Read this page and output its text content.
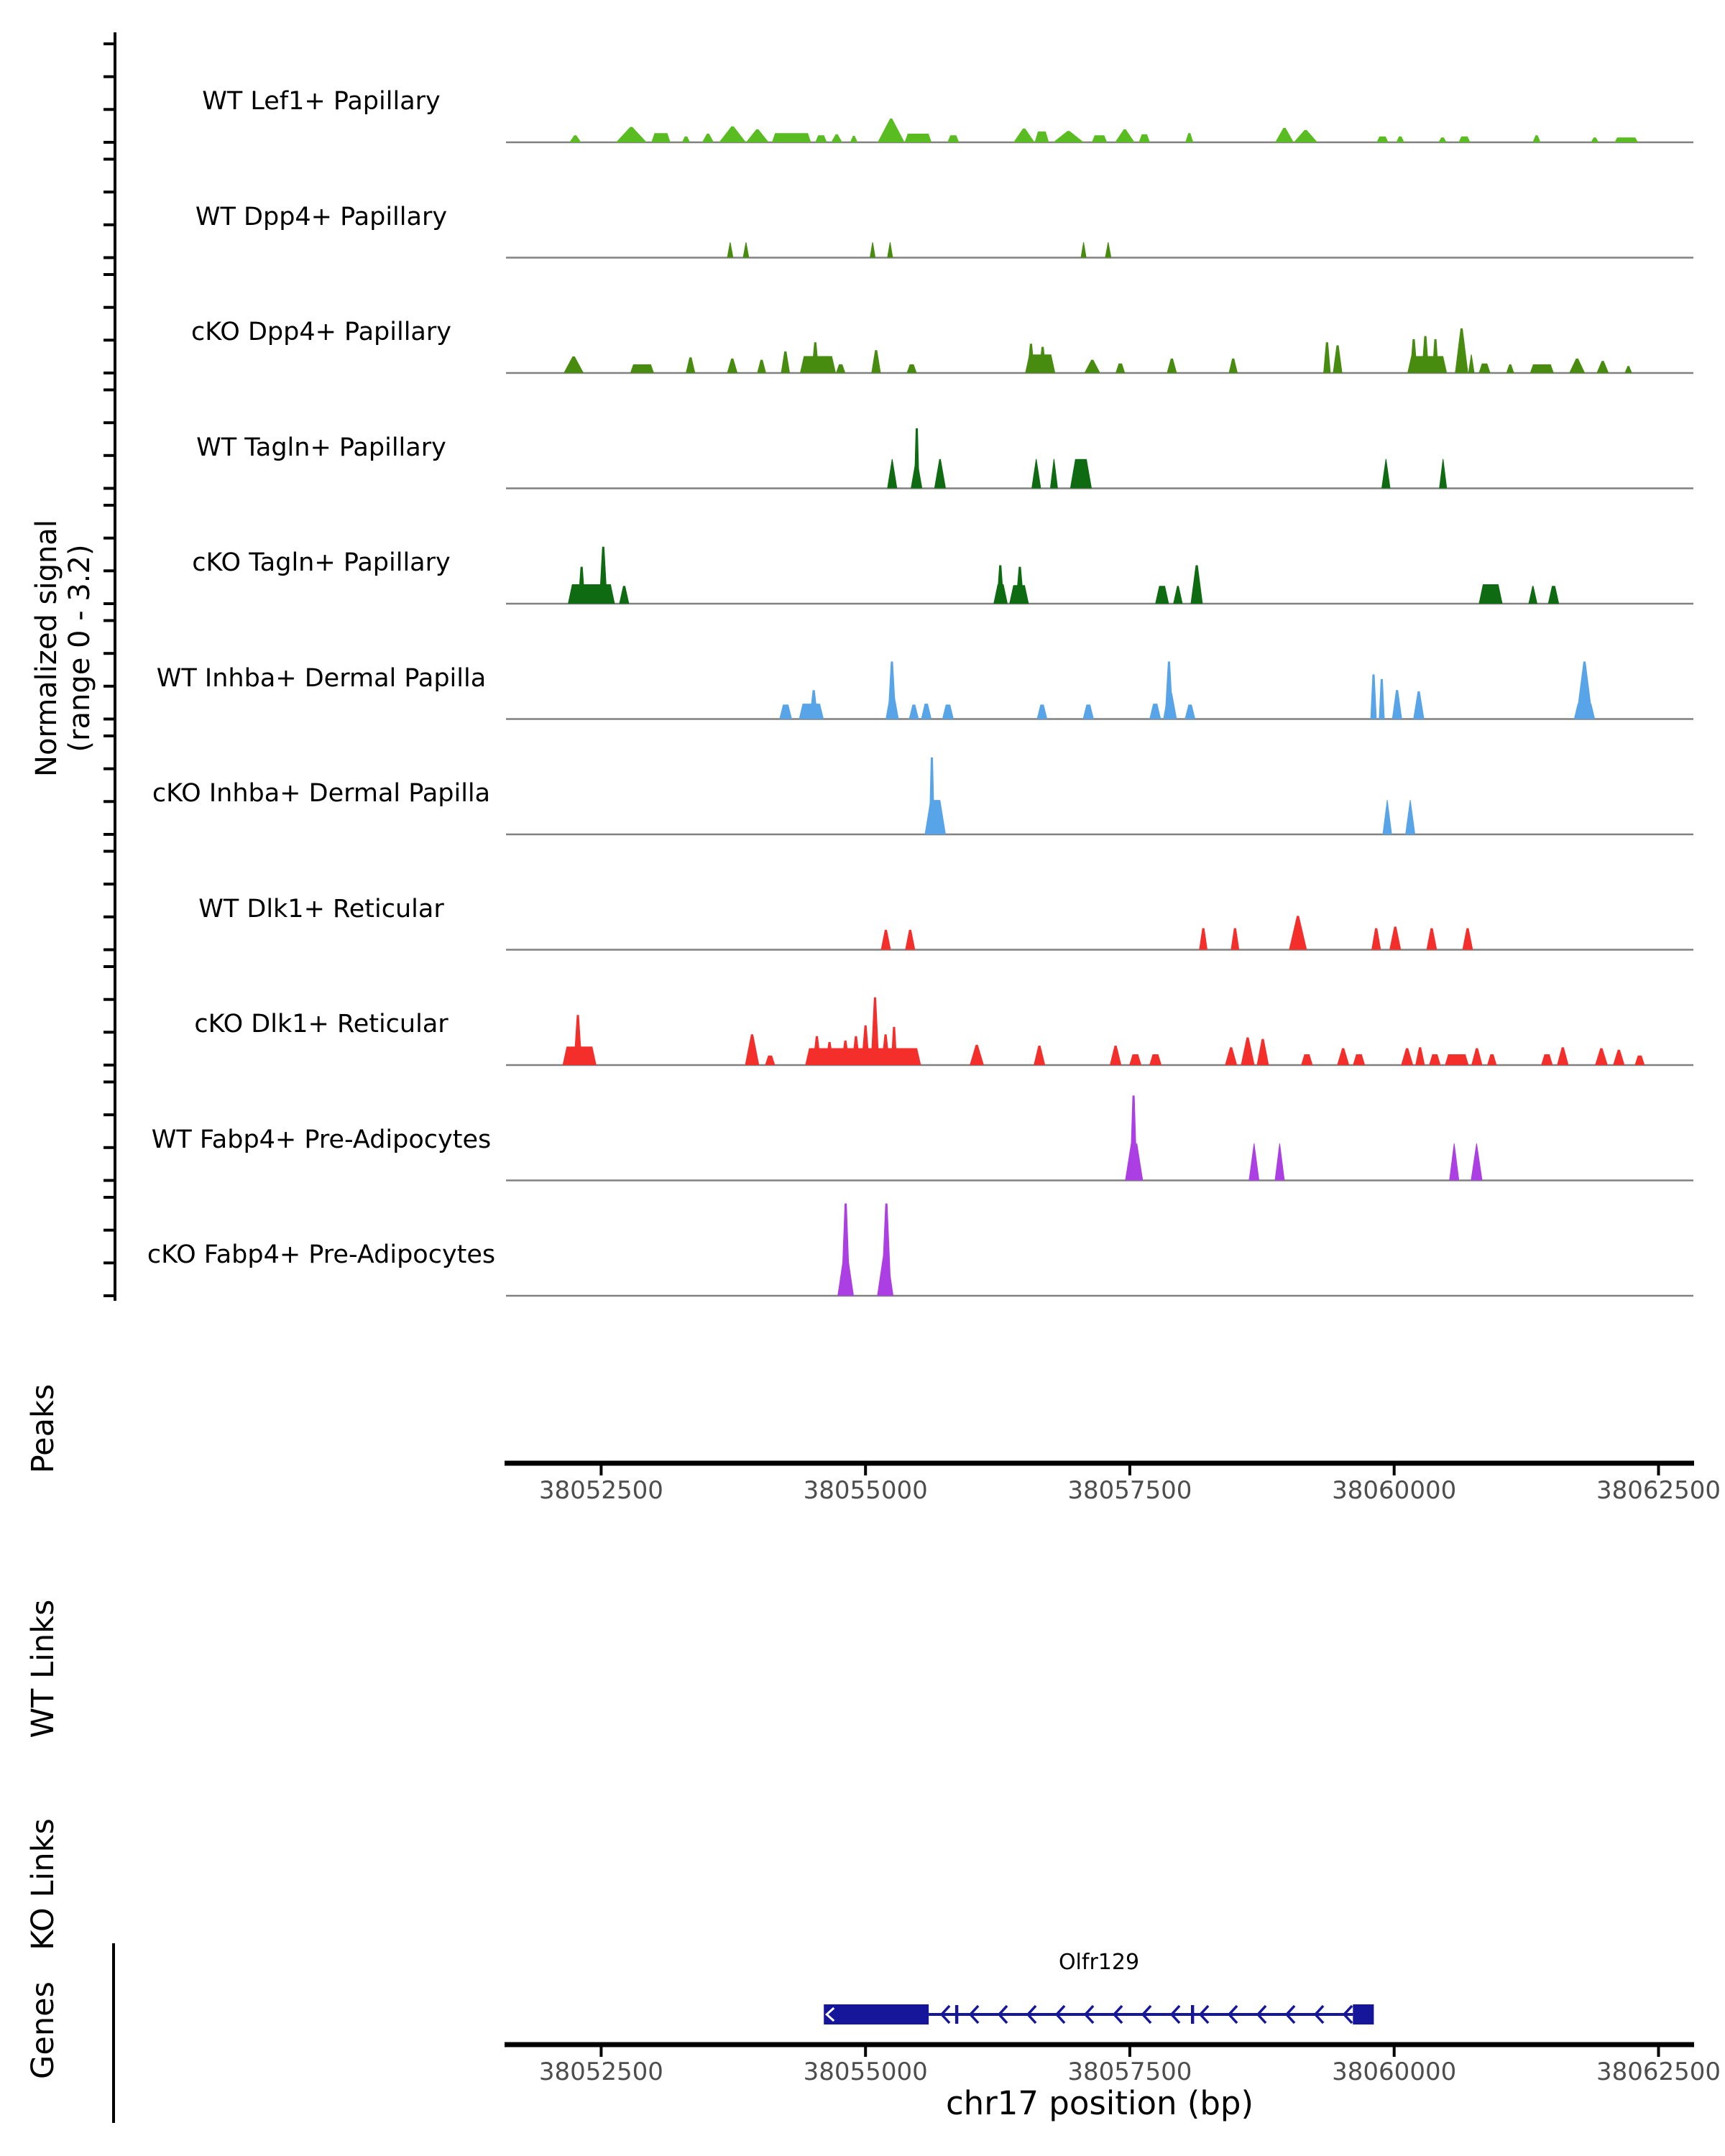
WT Lef1+ Papillary
WT Dpp4+ Papillary
cKO Dpp4+ Papillary
WT Tagln+ Papillary
cKO Tagln+ Papillary
WT Inhba+ Dermal Papilla
cKO Inhba+ Dermal Papilla
WT Dlk1+ Reticular
cKO Dlk1+ Reticular
WT Fabp4+ Pre-Adipocytes
cKO Fabp4+ Pre-Adipocytes
38052500	38055000	38057500	38060000	38062500
38052500	38055000	38057500	38060000	38062500
Olfr129
Normalized signal (range 0 - 3.2)
Peaks
WT Links
KO Links
Genes
chr17 position (bp)
